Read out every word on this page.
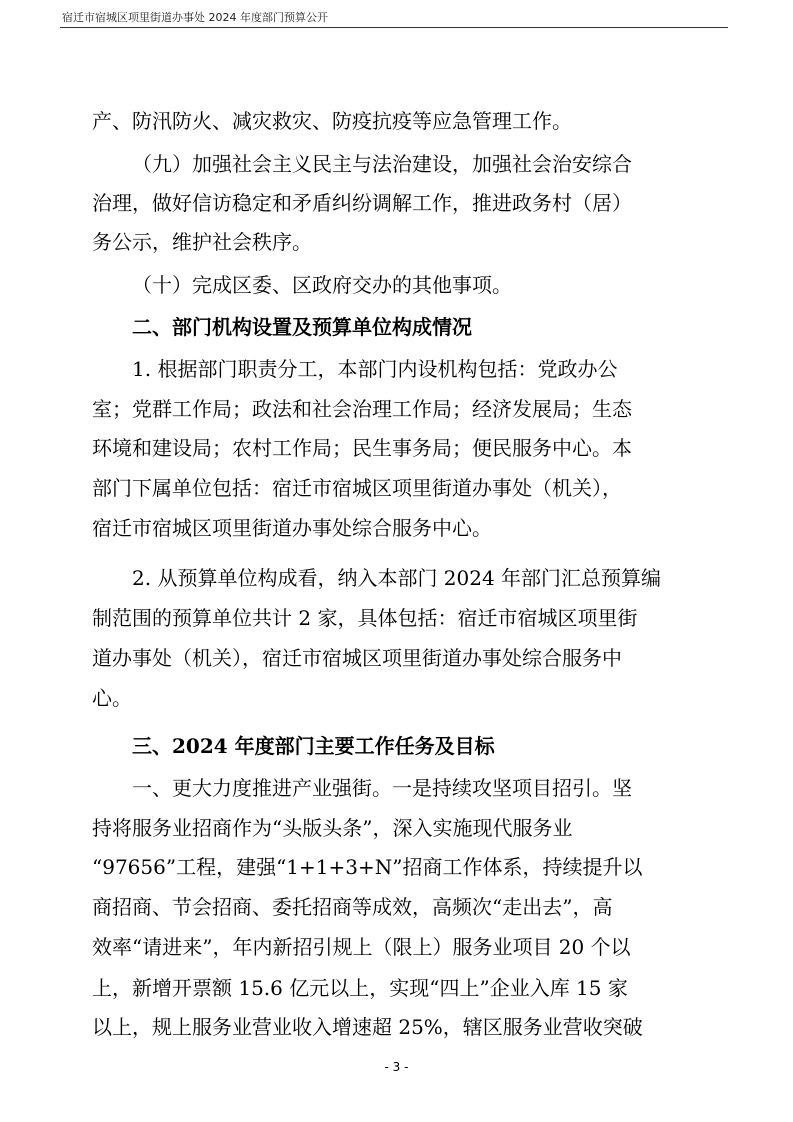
宿迁市宿城区项里街道办事处 2024 年度部门预算公开
产、防汛防火、减灾救灾、防疫抗疫等应急管理工作。
（九）加强社会主义民主与法治建设，加强社会治安综合
治理，做好信访稳定和矛盾纠纷调解工作，推进政务村（居）
务公示，维护社会秩序。
（十）完成区委、区政府交办的其他事项。
二、部门机构设置及预算单位构成情况
1. 根据部门职责分工，本部门内设机构包括：党政办公
室；党群工作局；政法和社会治理工作局；经济发展局；生态
环境和建设局；农村工作局；民生事务局；便民服务中心。本
部门下属单位包括：宿迁市宿城区项里街道办事处（机关），
宿迁市宿城区项里街道办事处综合服务中心。
2. 从预算单位构成看，纳入本部门 2024 年部门汇总预算编
制范围的预算单位共计 2 家，具体包括：宿迁市宿城区项里街
道办事处（机关），宿迁市宿城区项里街道办事处综合服务中
心。
三、2024 年度部门主要工作任务及目标
一、更大力度推进产业强街。一是持续攻坚项目招引。坚
持将服务业招商作为“头版头条”，深入实施现代服务业
“97656”工程，建强“1+1+3+N”招商工作体系，持续提升以
商招商、节会招商、委托招商等成效，高频次“走出去”，高
效率“请进来”，年内新招引规上（限上）服务业项目 20 个以
上，新增开票额 15.6 亿元以上，实现“四上”企业入库 15 家
以上，规上服务业营业收入增速超 25%，辖区服务业营收突破
- 3 -
